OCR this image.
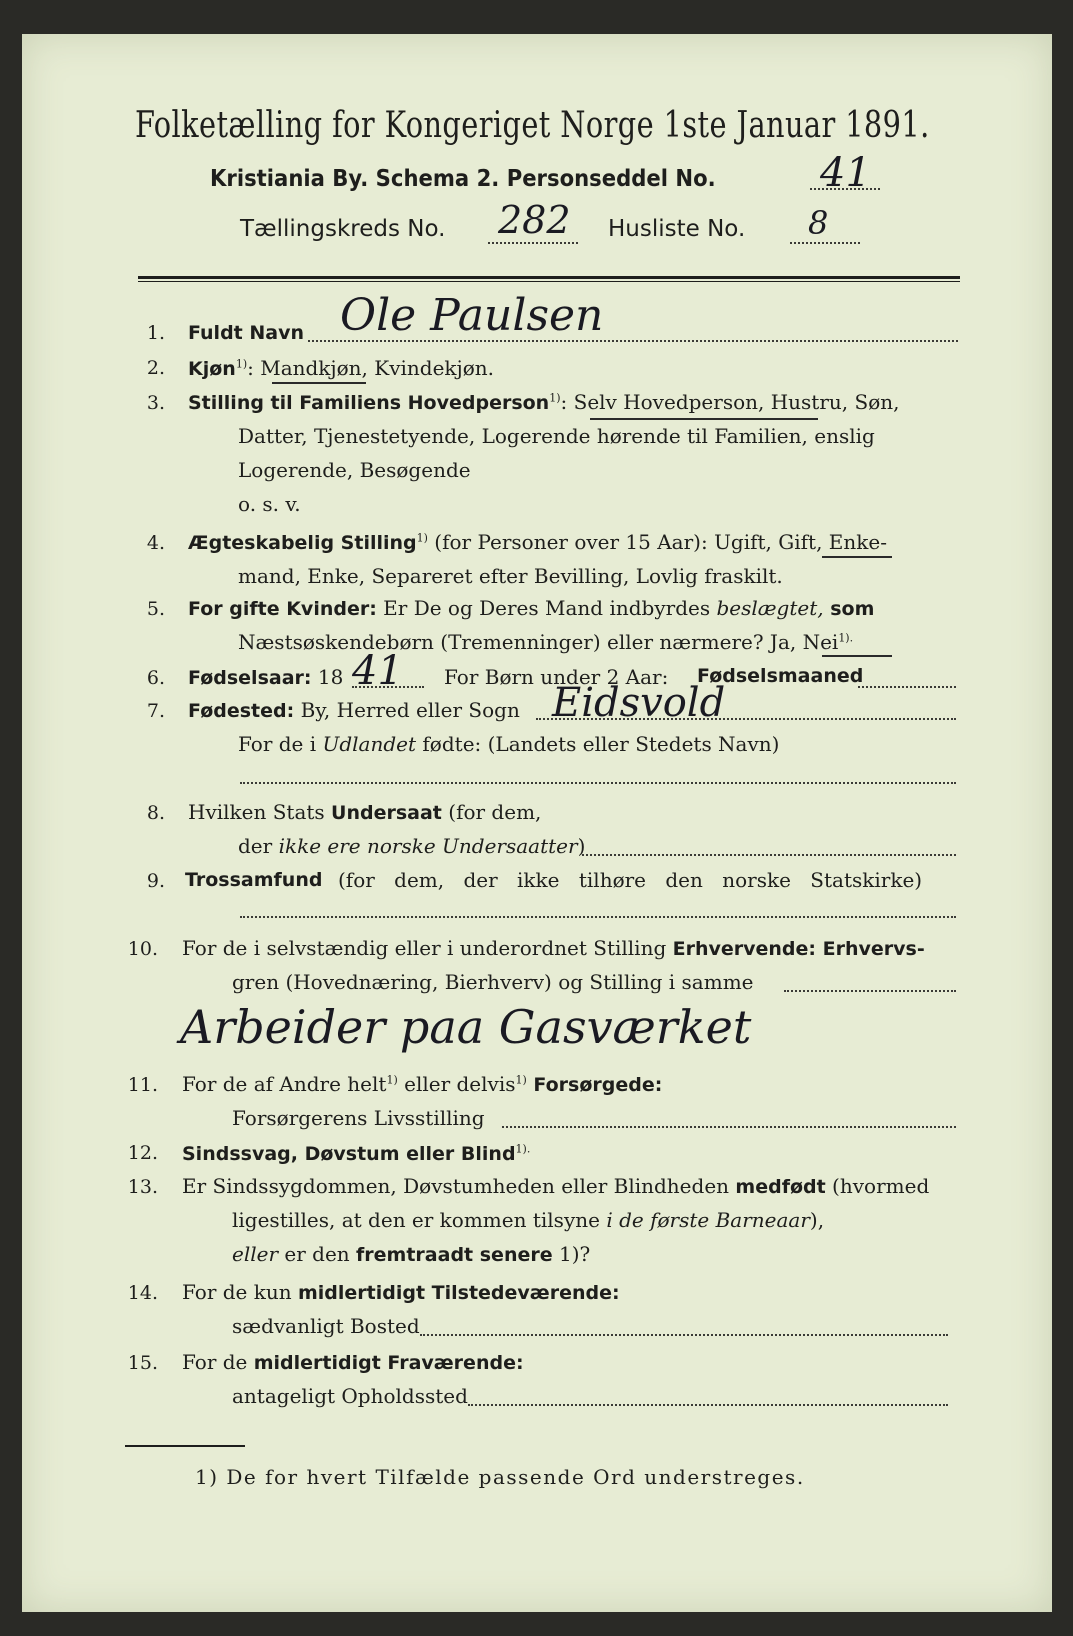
Folketælling for Kongeriget Norge 1ste Januar 1891.
Kristiania By. Schema 2. Personseddel No.	41
Tællingskreds No. 282 Husliste No. 8
1. Fuldt Navn Ole Paulsen
2. Kjøn$^{1)}$: Mandkjøn, Kvindekjøn.
3. Stilling til Familiens Hovedperson$^{1)}$: Selv Hovedperson, Hustru, Søn,
Datter, Tjenestetyende, Logerende hørende til Familien, enslig
Logerende, Besøgende
o. s. v.
4. Ægteskabelig Stilling$^{1)}$ (for Personer over 15 Aar): Ugift, Gift, Enke-
mand, Enke, Separeret efter Bevilling, Lovlig fraskilt.
5. For gifte Kvinder: Er De og Deres Mand indbyrdes beslægtet, som
Næstsøskendebørn (Tremenninger) eller nærmere? Ja, Nei$^{1).}$
6. Fødselsaar: 18 41 For Børn under 2 Aar: Fødselsmaaned
7. Fødested: By, Herred eller Sogn Eidsvold
For de i Udlandet fødte: (Landets eller Stedets Navn)
8. Hvilken Stats Undersaat (for dem,
der ikke ere norske Undersaatter)
9. Trossamfund (for dem, der ikke tilhøre den norske Statskirke)
10. For de i selvstændig eller i underordnet Stilling Erhvervende: Erhvervs-
gren (Hovednæring, Bierhverv) og Stilling i samme
Arbeider paa Gasværket
11. For de af Andre helt$^{1)}$ eller delvis$^{1)}$ Forsørgede:
Forsørgerens Livsstilling
12. Sindssvag, Døvstum eller Blind$^{1).}$
13. Er Sindssygdommen, Døvstumheden eller Blindheden medfødt (hvormed
ligestilles, at den er kommen tilsyne i de første Barneaar),
eller er den fremtraadt senere 1)?
14. For de kun midlertidigt Tilstedeværende:
sædvanligt Bosted
15. For de midlertidigt Fraværende:
antageligt Opholdssted
1) De for hvert Tilfælde passende Ord understreges.
